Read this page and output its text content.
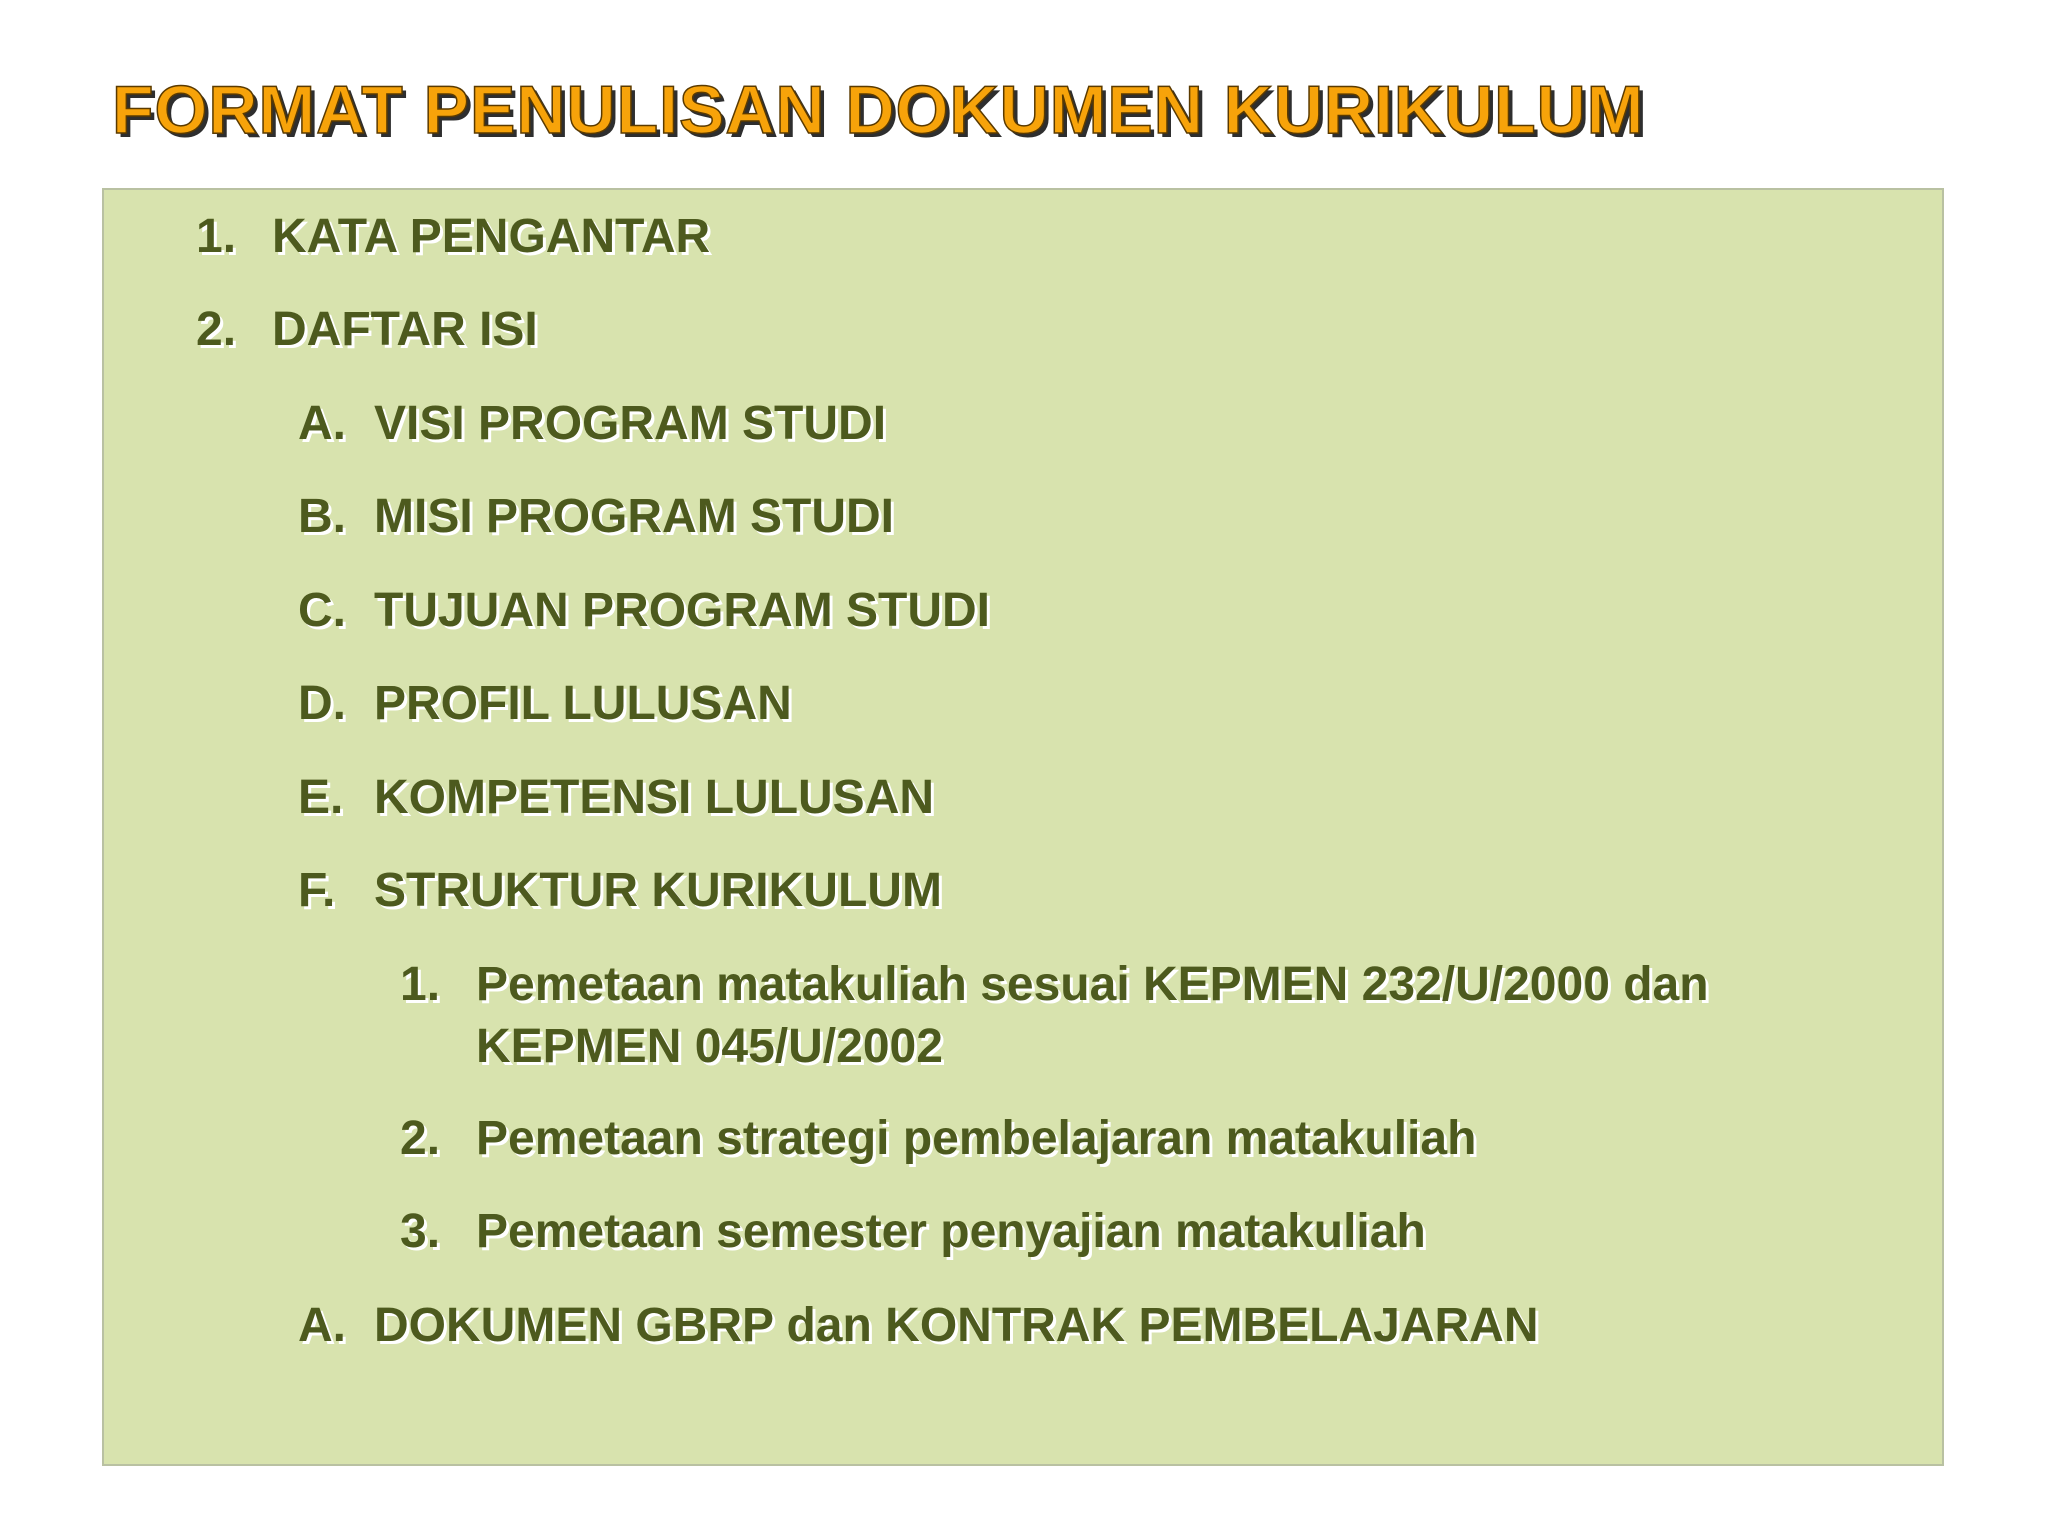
FORMAT PENULISAN DOKUMEN KURIKULUM
1. KATA PENGANTAR
2. DAFTAR ISI
A. VISI PROGRAM STUDI
B. MISI PROGRAM STUDI
C. TUJUAN PROGRAM STUDI
D. PROFIL LULUSAN
E. KOMPETENSI LULUSAN
F. STRUKTUR KURIKULUM
1. Pemetaan matakuliah sesuai KEPMEN 232/U/2000 dan KEPMEN 045/U/2002
2. Pemetaan strategi pembelajaran matakuliah
3. Pemetaan semester penyajian matakuliah
A. DOKUMEN GBRP dan KONTRAK PEMBELAJARAN
